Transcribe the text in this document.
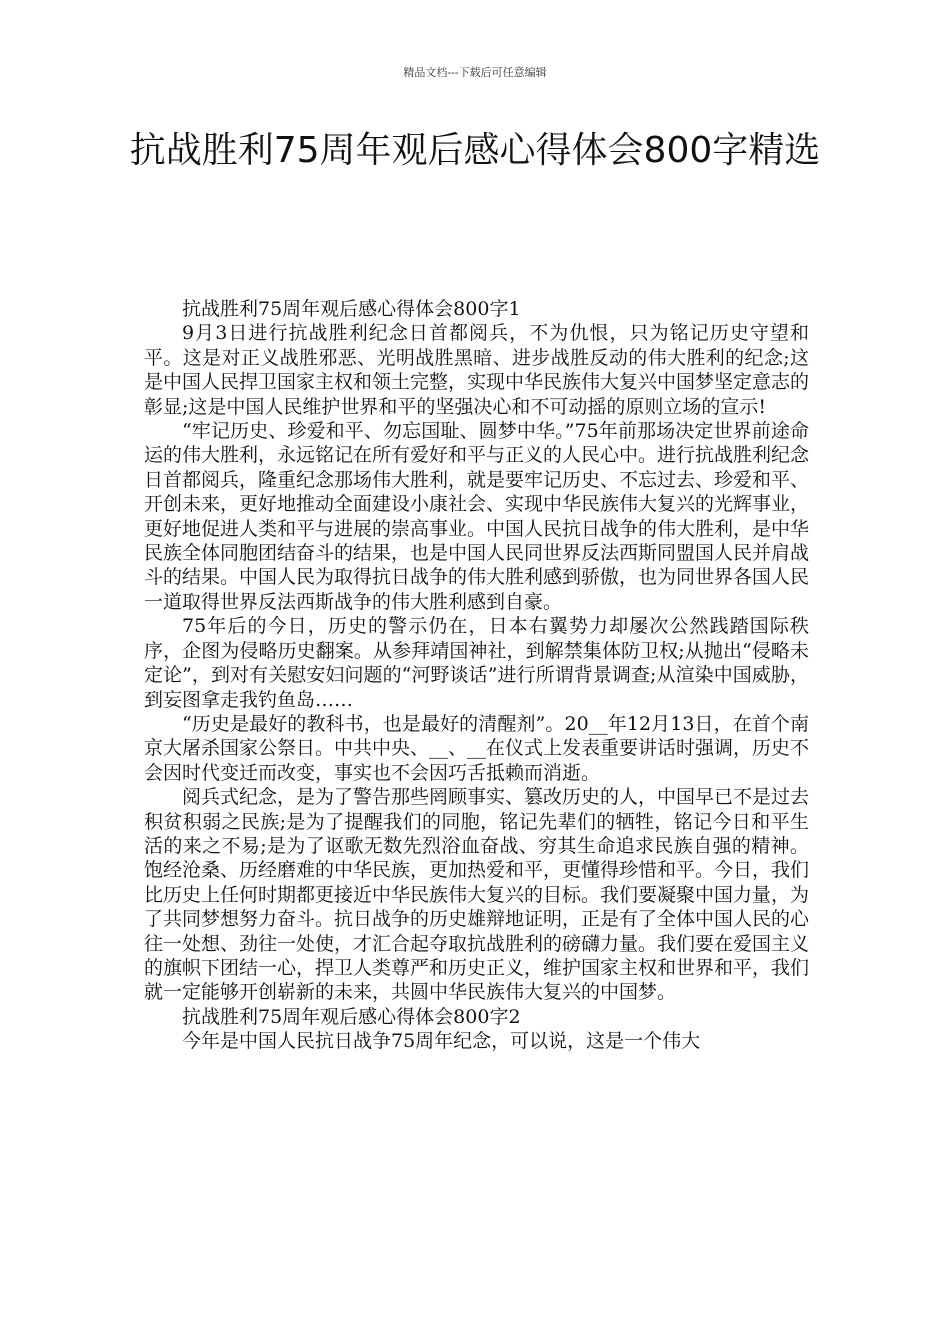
精品文档---下载后可任意编辑
抗战胜利75周年观后感心得体会800字精选

抗战胜利75周年观后感心得体会800字1

9月3日进行抗战胜利纪念日首都阅兵，不为仇恨，只为铭记历史守望和平。这是对正义战胜邪恶、光明战胜黑暗、进步战胜反动的伟大胜利的纪念;这是中国人民捍卫国家主权和领土完整，实现中华民族伟大复兴中国梦坚定意志的彰显;这是中国人民维护世界和平的坚强决心和不可动摇的原则立场的宣示!

“牢记历史、珍爱和平、勿忘国耻、圆梦中华。”75年前那场决定世界前途命运的伟大胜利，永远铭记在所有爱好和平与正义的人民心中。进行抗战胜利纪念日首都阅兵，隆重纪念那场伟大胜利，就是要牢记历史、不忘过去、珍爱和平、开创未来，更好地推动全面建设小康社会、实现中华民族伟大复兴的光辉事业，更好地促进人类和平与进展的崇高事业。中国人民抗日战争的伟大胜利，是中华民族全体同胞团结奋斗的结果，也是中国人民同世界反法西斯同盟国人民并肩战斗的结果。中国人民为取得抗日战争的伟大胜利感到骄傲，也为同世界各国人民一道取得世界反法西斯战争的伟大胜利感到自豪。

75年后的今日，历史的警示仍在，日本右翼势力却屡次公然践踏国际秩序，企图为侵略历史翻案。从参拜靖国神社，到解禁集体防卫权;从抛出“侵略未定论”，到对有关慰安妇问题的“河野谈话”进行所谓背景调查;从渲染中国威胁，到妄图拿走我钓鱼岛……

“历史是最好的教科书，也是最好的清醒剂”。20__年12月13日，在首个南京大屠杀国家公祭日。中共中央、__、__在仪式上发表重要讲话时强调，历史不会因时代变迁而改变，事实也不会因巧舌抵赖而消逝。

阅兵式纪念，是为了警告那些罔顾事实、篡改历史的人，中国早已不是过去积贫积弱之民族;是为了提醒我们的同胞，铭记先辈们的牺牲，铭记今日和平生活的来之不易;是为了讴歌无数先烈浴血奋战、穷其生命追求民族自强的精神。饱经沧桑、历经磨难的中华民族，更加热爱和平，更懂得珍惜和平。今日，我们比历史上任何时期都更接近中华民族伟大复兴的目标。我们要凝聚中国力量，为了共同梦想努力奋斗。抗日战争的历史雄辩地证明，正是有了全体中国人民的心往一处想、劲往一处使，才汇合起夺取抗战胜利的磅礴力量。我们要在爱国主义的旗帜下团结一心，捍卫人类尊严和历史正义，维护国家主权和世界和平，我们就一定能够开创崭新的未来，共圆中华民族伟大复兴的中国梦。

抗战胜利75周年观后感心得体会800字2

今年是中国人民抗日战争75周年纪念，可以说，这是一个伟大
